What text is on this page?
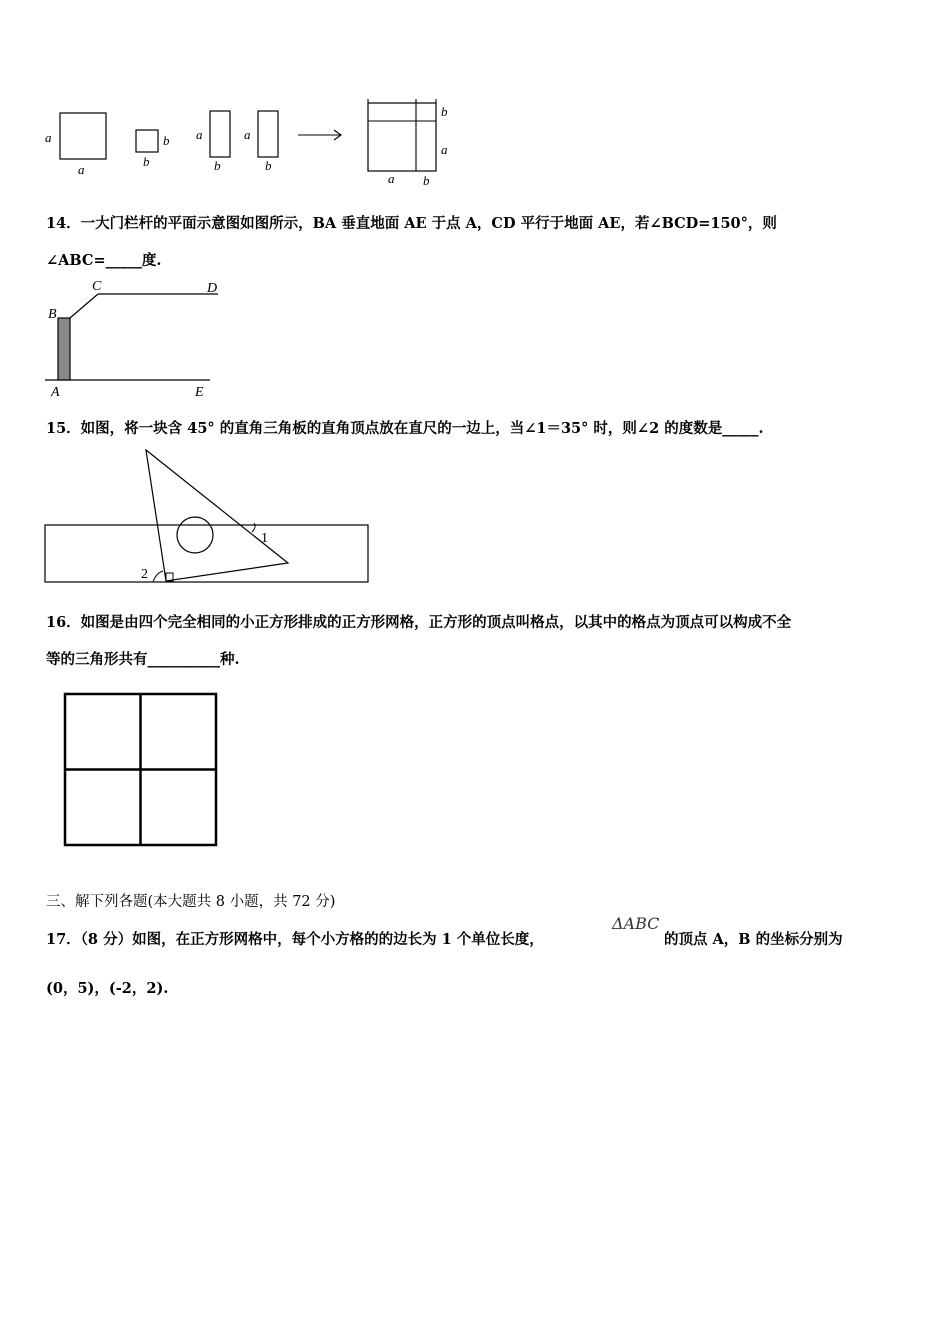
a
a
b
b
a
b
a
b
b
a
a b
14．一大门栏杆的平面示意图如图所示，BA 垂直地面 AE 于点 A，CD 平行于地面 AE，若∠BCD=150°，则
∠ABC=_____度.
B
C	D
A	E
15．如图，将一块含 45° 的直角三角板的直角顶点放在直尺的一边上，当∠1＝35° 时，则∠2 的度数是_____.
1
2
16．如图是由四个完全相同的小正方形排成的正方形网格，正方形的顶点叫格点，以其中的格点为顶点可以构成不全
等的三角形共有__________种.
三、解下列各题(本大题共 8 小题，共 72 分)
17．（8 分）如图，在正方形网格中，每个小方格的的边长为 1 个单位长度，
ΔABC
的顶点 A，B 的坐标分别为
(0，5)，(-2，2).
